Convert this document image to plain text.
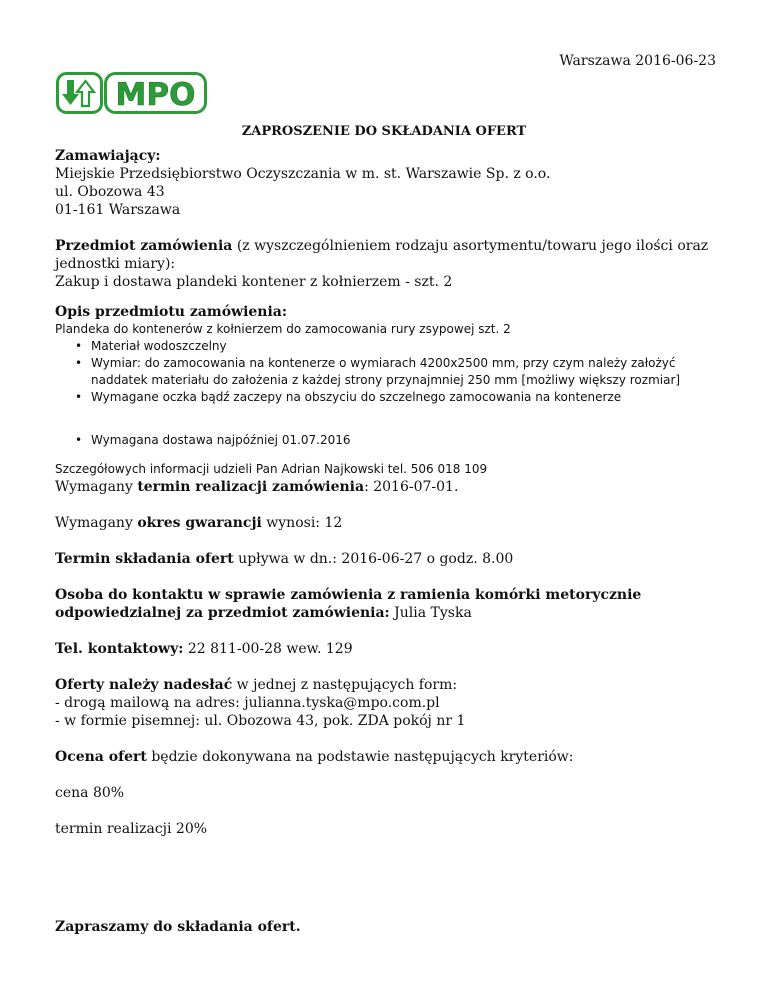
Warszawa 2016-06-23
MPO
ZAPROSZENIE DO SKŁADANIA OFERT

Zamawiający:
Miejskie Przedsiębiorstwo Oczyszczania w m. st. Warszawie Sp. z o.o.
ul. Obozowa 43
01-161 Warszawa

Przedmiot zamówienia (z wyszczególnieniem rodzaju asortymentu/towaru jego ilości oraz jednostki miary):
Zakup i dostawa plandeki kontener z kołnierzem - szt. 2

Opis przedmiotu zamówienia:

Plandeka do kontenerów z kołnierzem do zamocowania rury zsypowej szt. 2

• Materiał wodoszczelny
• Wymiar: do zamocowania na kontenerze o wymiarach 4200x2500 mm, przy czym należy założyć naddatek materiału do założenia z każdej strony przynajmniej 250 mm [możliwy większy rozmiar]
• Wymagane oczka bądź zaczepy na obszyciu do szczelnego zamocowania na kontenerze
• Wymagana dostawa najpóźniej 01.07.2016

Szczegółowych informacji udzieli Pan Adrian Najkowski tel. 506 018 109

Wymagany termin realizacji zamówienia: 2016-07-01.

Wymagany okres gwarancji wynosi: 12

Termin składania ofert upływa w dn.: 2016-06-27 o godz. 8.00

Osoba do kontaktu w sprawie zamówienia z ramienia komórki metorycznie odpowiedzialnej za przedmiot zamówienia: Julia Tyska

Tel. kontaktowy: 22 811-00-28 wew. 129

Oferty należy nadesłać w jednej z następujących form:
- drogą mailową na adres: julianna.tyska@mpo.com.pl
- w formie pisemnej: ul. Obozowa 43, pok. ZDA pokój nr 1

Ocena ofert będzie dokonywana na podstawie następujących kryteriów:

cena 80%

termin realizacji 20%

Zapraszamy do składania ofert.
